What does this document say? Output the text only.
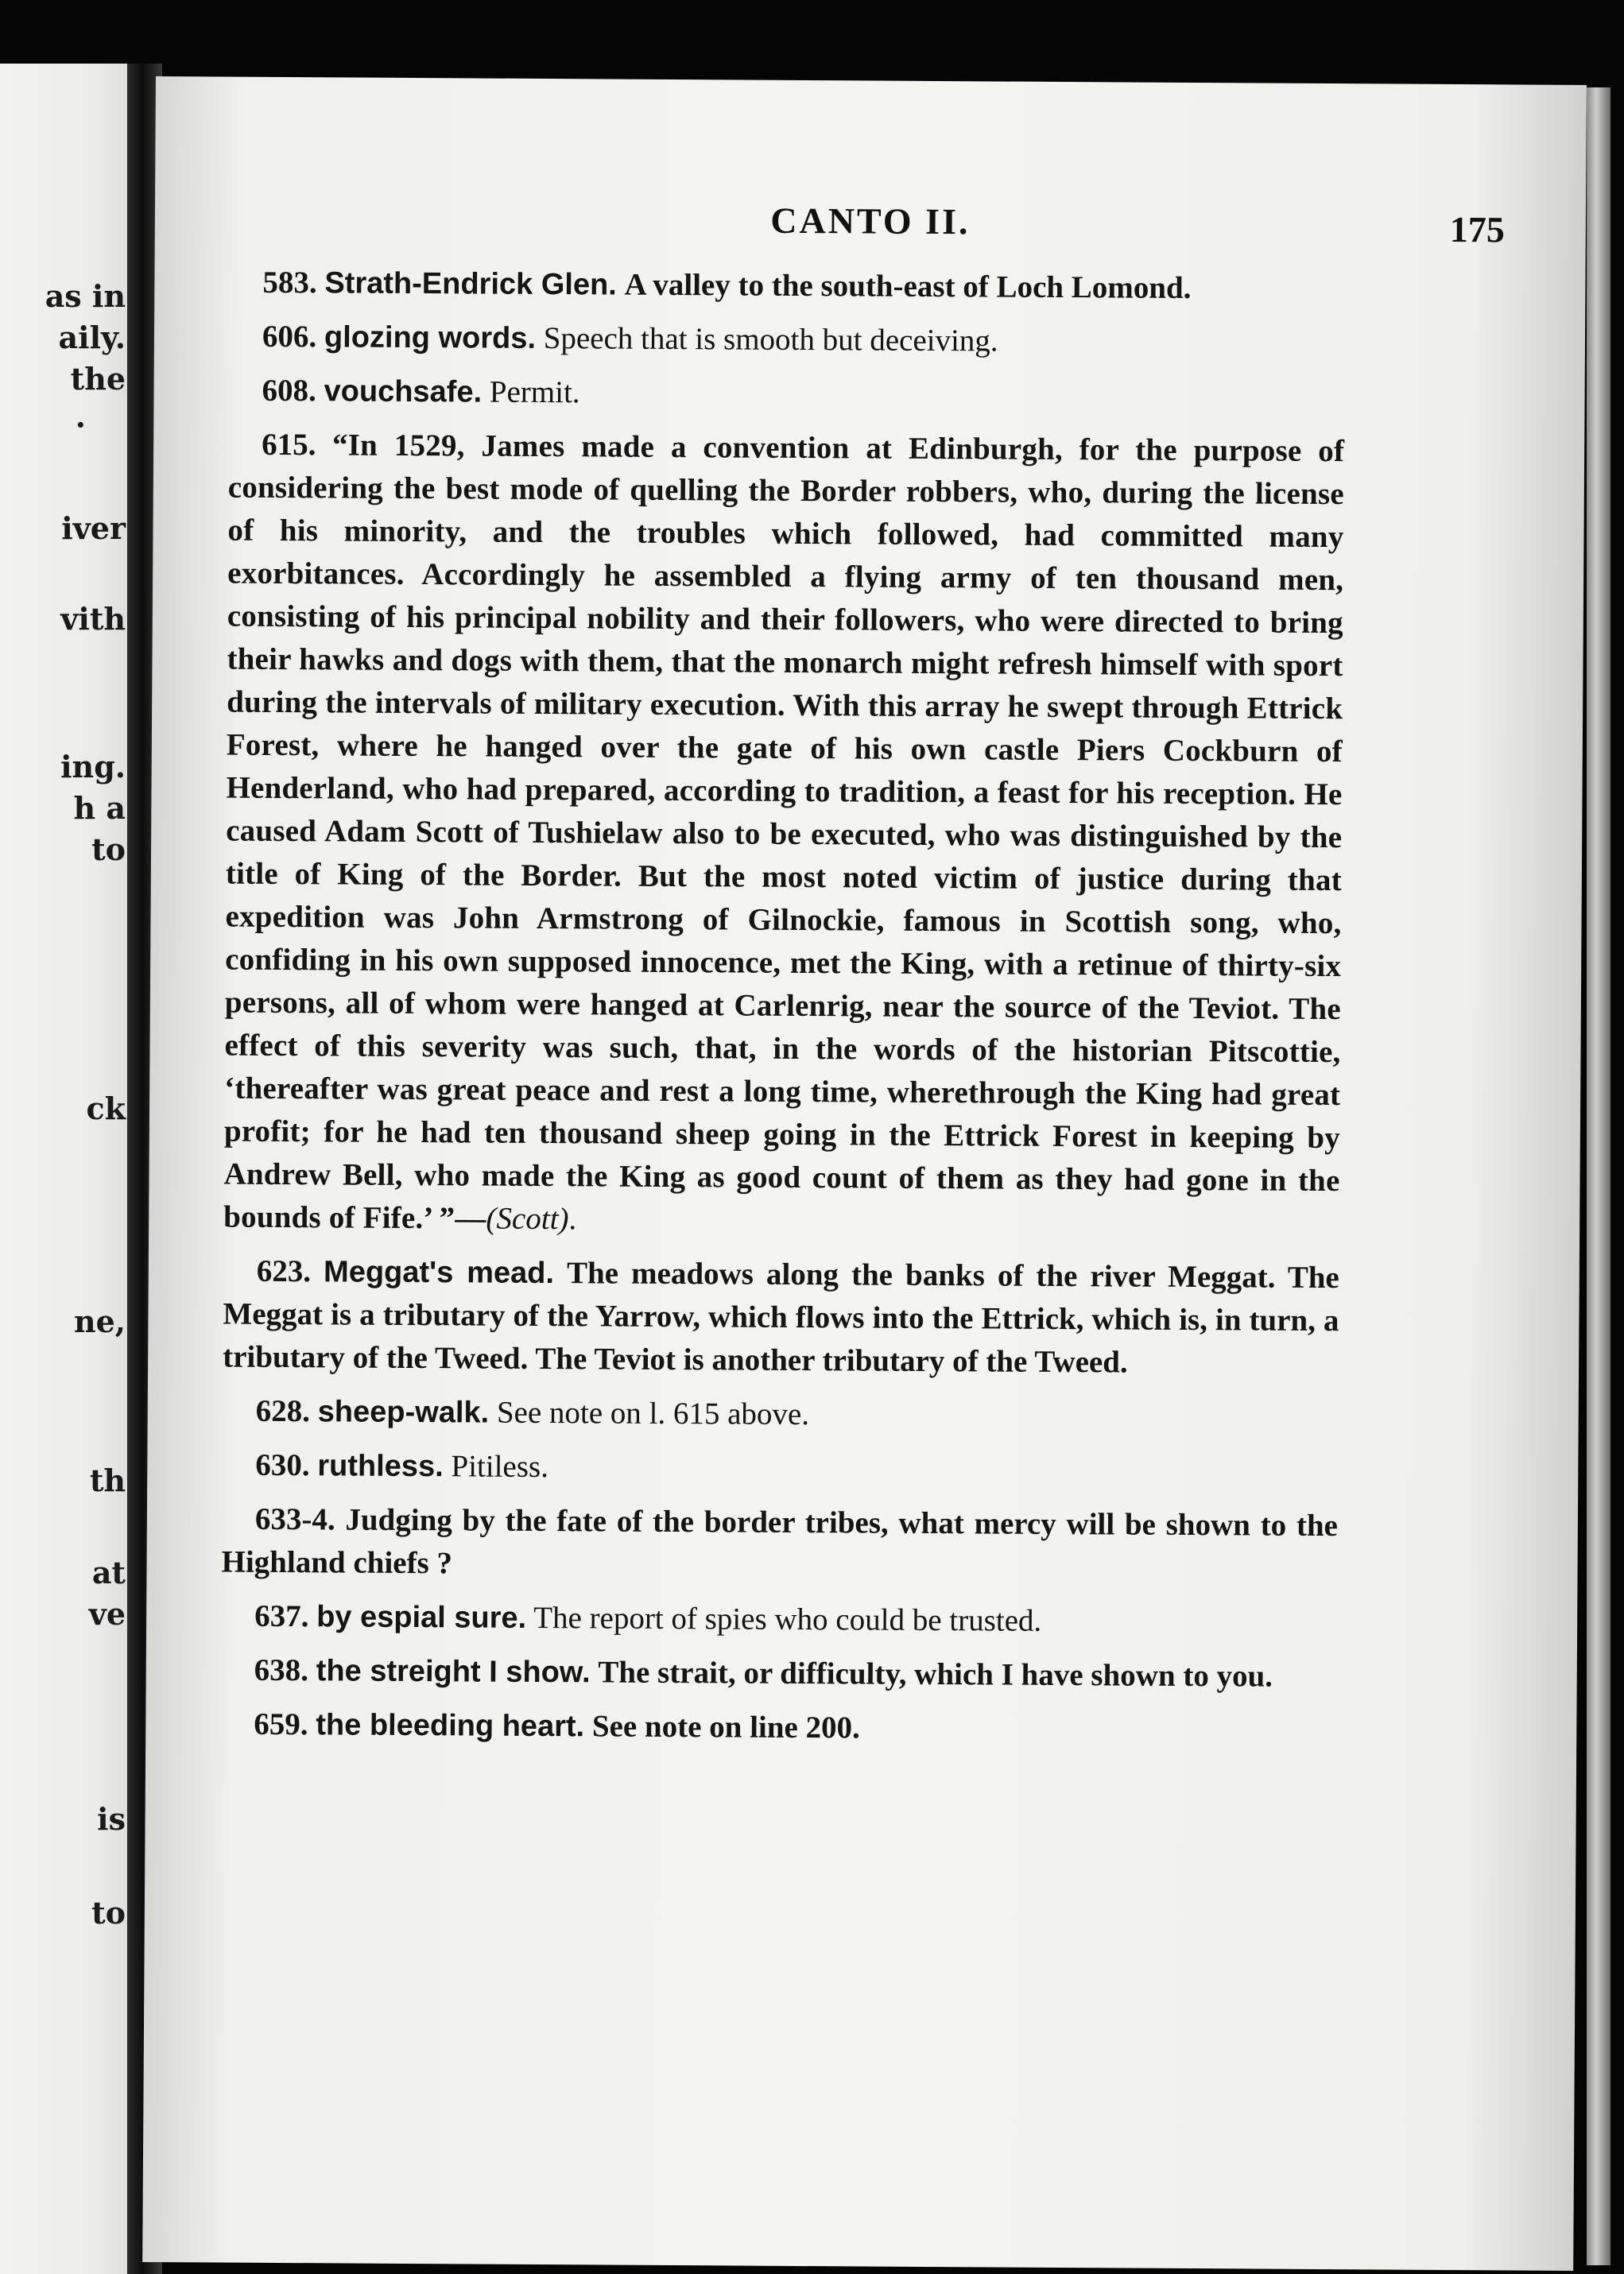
as in
aily.
the
·
iver
vith
ing.
h a
to
ck
ne,
th
at
ve
is
to
CANTO II.	175

583. Strath-Endrick Glen. A valley to the south-east of Loch Lomond.

606. glozing words. Speech that is smooth but deceiving.

608. vouchsafe. Permit.

615. “In 1529, James made a convention at Edinburgh, for the purpose of considering the best mode of quelling the Border robbers, who, during the license of his minority, and the troubles which followed, had committed many exorbitances. Accordingly he assembled a flying army of ten thousand men, consisting of his principal nobility and their followers, who were directed to bring their hawks and dogs with them, that the monarch might refresh himself with sport during the intervals of military execution. With this array he swept through Ettrick Forest, where he hanged over the gate of his own castle Piers Cockburn of Henderland, who had prepared, according to tradition, a feast for his reception. He caused Adam Scott of Tushielaw also to be executed, who was distinguished by the title of King of the Border. But the most noted victim of justice during that expedition was John Armstrong of Gilnockie, famous in Scottish song, who, confiding in his own supposed innocence, met the King, with a retinue of thirty-six persons, all of whom were hanged at Carlenrig, near the source of the Teviot. The effect of this severity was such, that, in the words of the historian Pitscottie, ‘thereafter was great peace and rest a long time, wherethrough the King had great profit; for he had ten thousand sheep going in the Ettrick Forest in keeping by Andrew Bell, who made the King as good count of them as they had gone in the bounds of Fife.’ ”—(Scott).

623. Meggat's mead. The meadows along the banks of the river Meggat. The Meggat is a tributary of the Yarrow, which flows into the Ettrick, which is, in turn, a tributary of the Tweed. The Teviot is another tributary of the Tweed.

628. sheep-walk. See note on l. 615 above.

630. ruthless. Pitiless.

633-4. Judging by the fate of the border tribes, what mercy will be shown to the Highland chiefs ?

637. by espial sure. The report of spies who could be trusted.

638. the streight I show. The strait, or difficulty, which I have shown to you.

659. the bleeding heart. See note on line 200.
